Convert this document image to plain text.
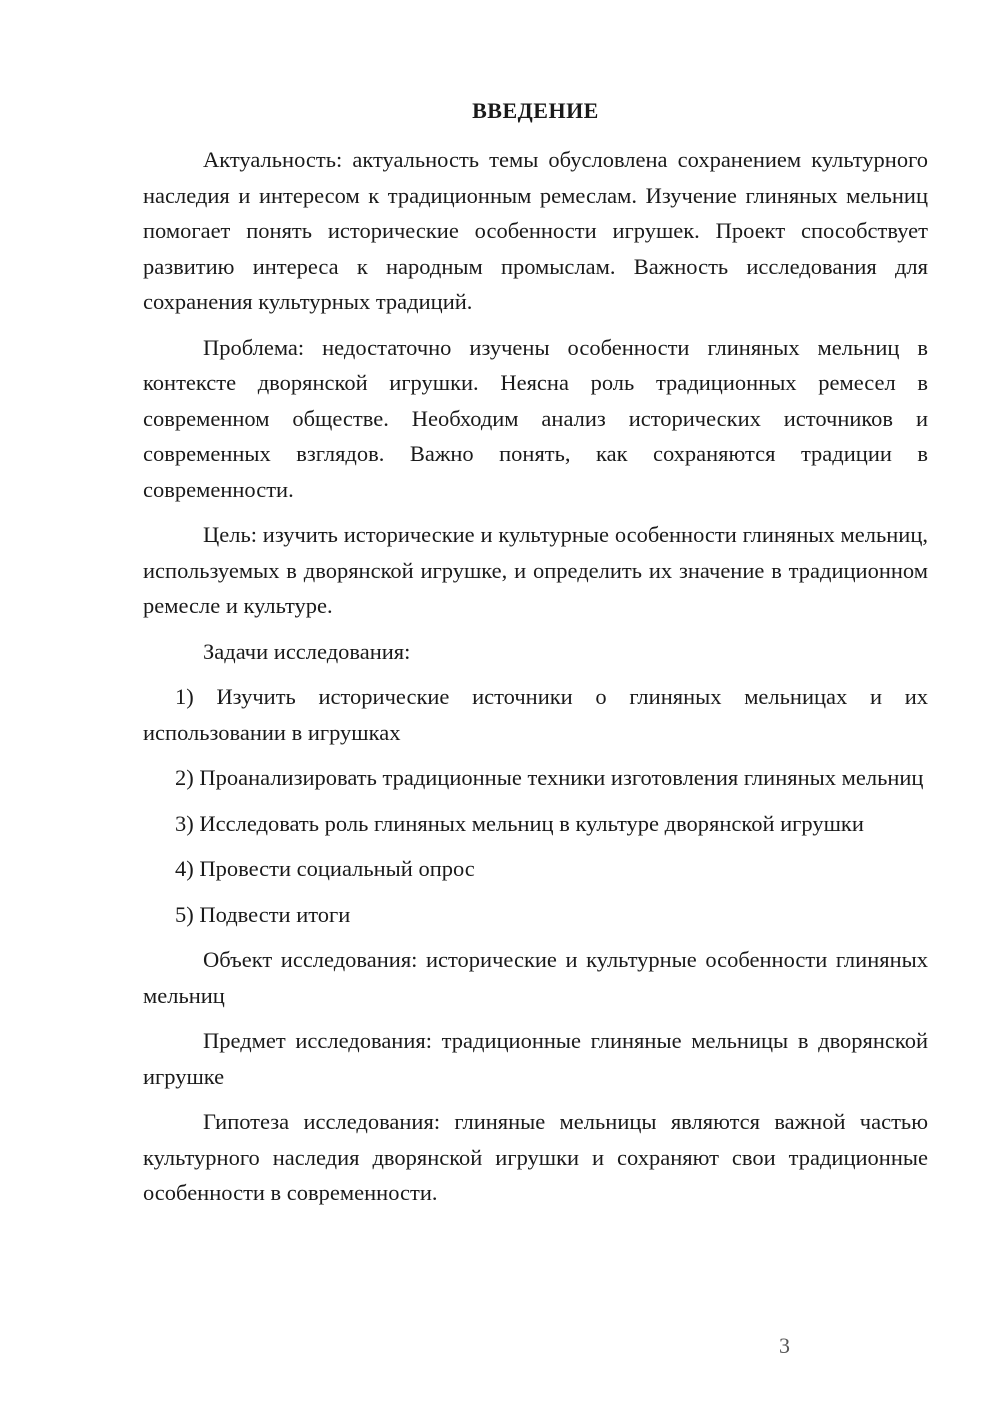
ВВЕДЕНИЕ

Актуальность: актуальность темы обусловлена сохранением культурного наследия и интересом к традиционным ремеслам. Изучение глиняных мельниц помогает понять исторические особенности игрушек. Проект способствует развитию интереса к народным промыслам. Важность исследования для сохранения культурных традиций.

Проблема: недостаточно изучены особенности глиняных мельниц в контексте дворянской игрушки. Неясна роль традиционных ремесел в современном обществе. Необходим анализ исторических источников и современных взглядов. Важно понять, как сохраняются традиции в современности.

Цель: изучить исторические и культурные особенности глиняных мельниц, используемых в дворянской игрушке, и определить их значение в традиционном ремесле и культуре.

Задачи исследования:

1) Изучить исторические источники о глиняных мельницах и их использовании в игрушках

2) Проанализировать традиционные техники изготовления глиняных мельниц

3) Исследовать роль глиняных мельниц в культуре дворянской игрушки

4) Провести социальный опрос

5) Подвести итоги

Объект исследования: исторические и культурные особенности глиняных мельниц

Предмет исследования: традиционные глиняные мельницы в дворянской игрушке

Гипотеза исследования: глиняные мельницы являются важной частью культурного наследия дворянской игрушки и сохраняют свои традиционные особенности в современности.

3
